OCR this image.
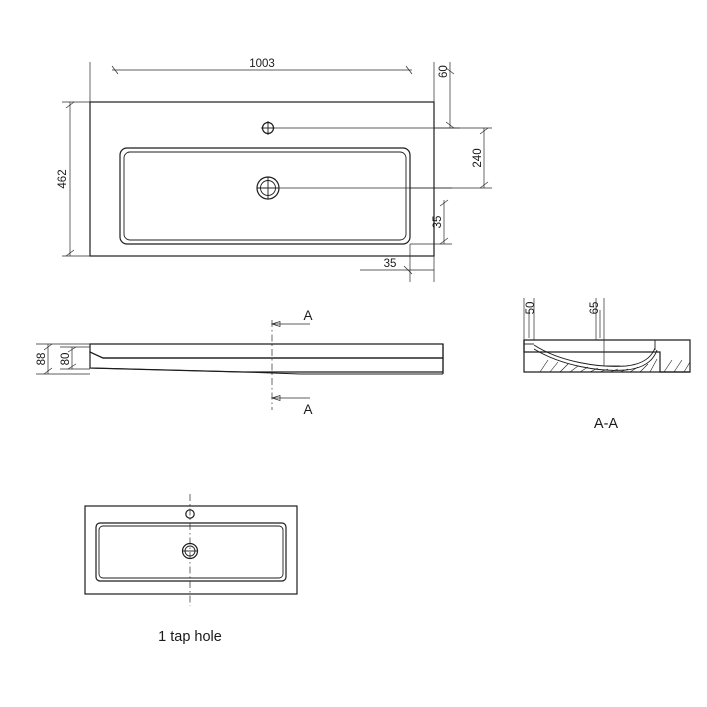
1003
60
462
240
35
35
88 80
A
A
50	65
A-A
1 tap hole
